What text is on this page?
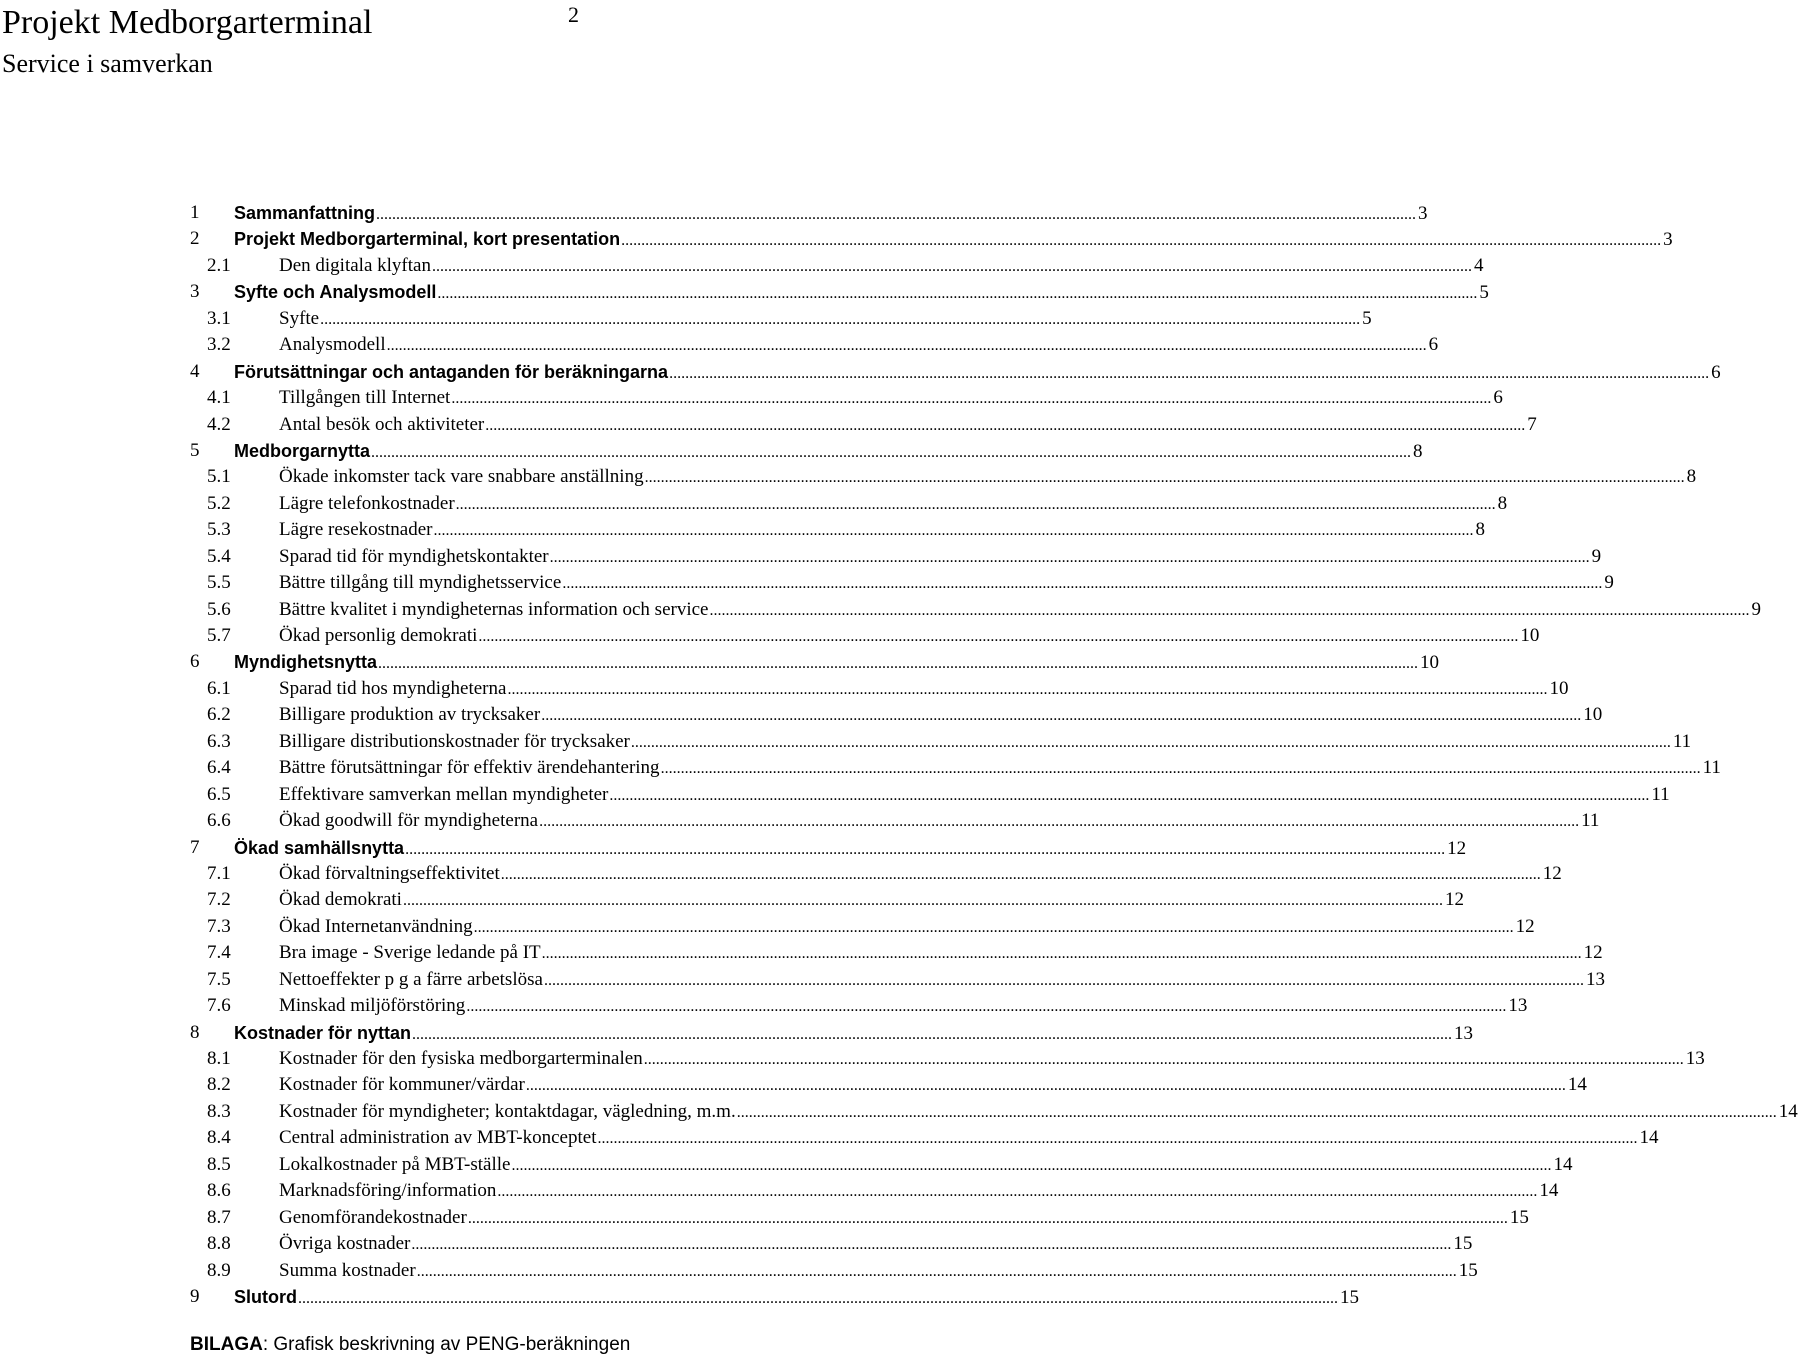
Projekt Medborgarterminal
Service i samverkan
2
1 Sammanfattning .................................................................................................................................................................................................................................................................... 3
2 Projekt Medborgarterminal, kort presentation .................................................................................................................................................................................................................................................................... 3
2.1	Den digitala klyftan .................................................................................................................................................................................................................................................................... 4
3 Syfte och Analysmodell .................................................................................................................................................................................................................................................................... 5
3.1	Syfte .................................................................................................................................................................................................................................................................... 5
3.2	Analysmodell .................................................................................................................................................................................................................................................................... 6
4 Förutsättningar och antaganden för beräkningarna .................................................................................................................................................................................................................................................................... 6
4.1	Tillgången till Internet .................................................................................................................................................................................................................................................................... 6
4.2	Antal besök och aktiviteter .................................................................................................................................................................................................................................................................... 7
5 Medborgarnytta .................................................................................................................................................................................................................................................................... 8
5.1	Ökade inkomster tack vare snabbare anställning .................................................................................................................................................................................................................................................................... 8
5.2	Lägre telefonkostnader .................................................................................................................................................................................................................................................................... 8
5.3	Lägre resekostnader .................................................................................................................................................................................................................................................................... 8
5.4	Sparad tid för myndighetskontakter .................................................................................................................................................................................................................................................................... 9
5.5	Bättre tillgång till myndighetsservice .................................................................................................................................................................................................................................................................... 9
5.6	Bättre kvalitet i myndigheternas information och service .................................................................................................................................................................................................................................................................... 9
5.7	Ökad personlig demokrati .................................................................................................................................................................................................................................................................... 10
6 Myndighetsnytta .................................................................................................................................................................................................................................................................... 10
6.1	Sparad tid hos myndigheterna .................................................................................................................................................................................................................................................................... 10
6.2	Billigare produktion av trycksaker .................................................................................................................................................................................................................................................................... 10
6.3	Billigare distributionskostnader för trycksaker .................................................................................................................................................................................................................................................................... 11
6.4	Bättre förutsättningar för effektiv ärendehantering .................................................................................................................................................................................................................................................................... 11
6.5	Effektivare samverkan mellan myndigheter .................................................................................................................................................................................................................................................................... 11
6.6	Ökad goodwill för myndigheterna .................................................................................................................................................................................................................................................................... 11
7 Ökad samhällsnytta .................................................................................................................................................................................................................................................................... 12
7.1	Ökad förvaltningseffektivitet .................................................................................................................................................................................................................................................................... 12
7.2	Ökad demokrati .................................................................................................................................................................................................................................................................... 12
7.3	Ökad Internetanvändning .................................................................................................................................................................................................................................................................... 12
7.4	Bra image - Sverige ledande på IT .................................................................................................................................................................................................................................................................... 12
7.5	Nettoeffekter p g a färre arbetslösa .................................................................................................................................................................................................................................................................... 13
7.6	Minskad miljöförstöring .................................................................................................................................................................................................................................................................... 13
8 Kostnader för nyttan .................................................................................................................................................................................................................................................................... 13
8.1	Kostnader för den fysiska medborgarterminalen .................................................................................................................................................................................................................................................................... 13
8.2	Kostnader för kommuner/värdar .................................................................................................................................................................................................................................................................... 14
8.3	Kostnader för myndigheter; kontaktdagar, vägledning, m.m. .................................................................................................................................................................................................................................................................... 14
8.4	Central administration av MBT-konceptet .................................................................................................................................................................................................................................................................... 14
8.5	Lokalkostnader på MBT-ställe .................................................................................................................................................................................................................................................................... 14
8.6	Marknadsföring/information .................................................................................................................................................................................................................................................................... 14
8.7	Genomförandekostnader .................................................................................................................................................................................................................................................................... 15
8.8	Övriga kostnader .................................................................................................................................................................................................................................................................... 15
8.9	Summa kostnader .................................................................................................................................................................................................................................................................... 15
9 Slutord .................................................................................................................................................................................................................................................................... 15
BILAGA: Grafisk beskrivning av PENG-beräkningen
